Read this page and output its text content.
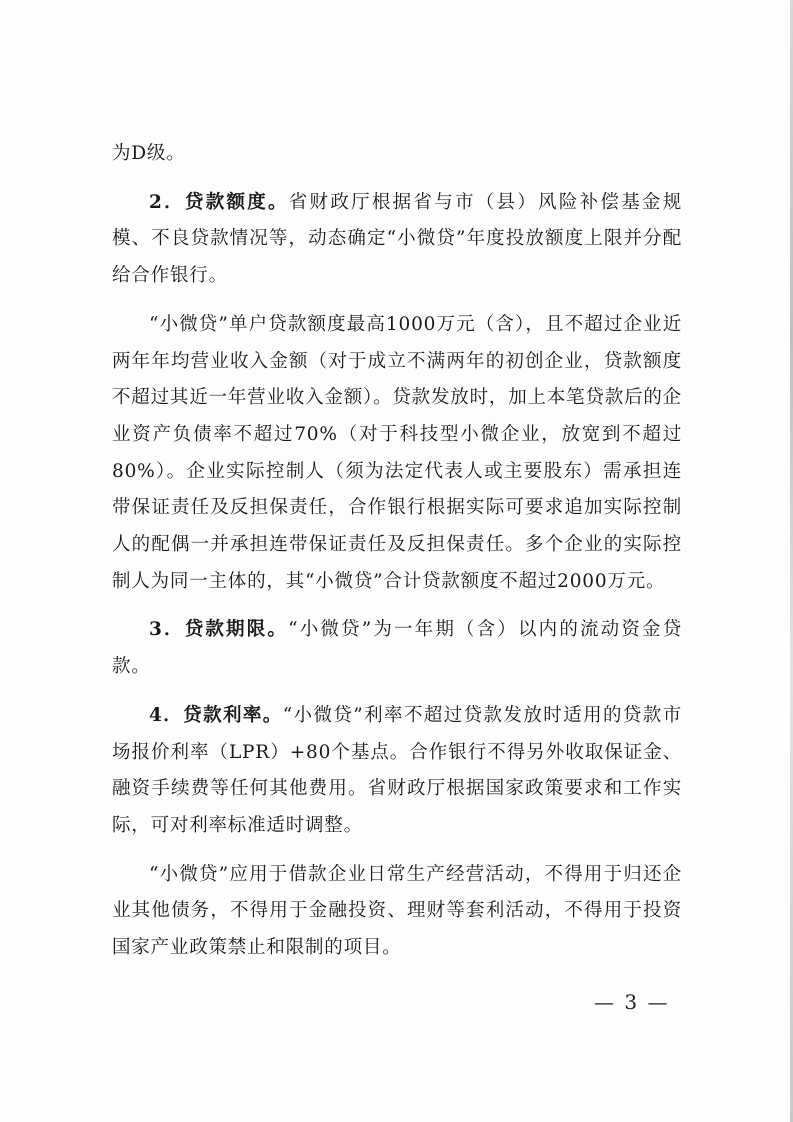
为D级。

2．贷款额度。省财政厅根据省与市（县）风险补偿基金规模、不良贷款情况等，动态确定“小微贷”年度投放额度上限并分配给合作银行。

“小微贷”单户贷款额度最高1000万元（含），且不超过企业近两年年均营业收入金额（对于成立不满两年的初创企业，贷款额度不超过其近一年营业收入金额）。贷款发放时，加上本笔贷款后的企业资产负债率不超过70%（对于科技型小微企业，放宽到不超过80%）。企业实际控制人（须为法定代表人或主要股东）需承担连带保证责任及反担保责任，合作银行根据实际可要求追加实际控制人的配偶一并承担连带保证责任及反担保责任。多个企业的实际控制人为同一主体的，其“小微贷”合计贷款额度不超过2000万元。

3．贷款期限。“小微贷”为一年期（含）以内的流动资金贷款。

4．贷款利率。“小微贷”利率不超过贷款发放时适用的贷款市场报价利率（LPR）+80个基点。合作银行不得另外收取保证金、融资手续费等任何其他费用。省财政厅根据国家政策要求和工作实际，可对利率标准适时调整。

“小微贷”应用于借款企业日常生产经营活动，不得用于归还企业其他债务，不得用于金融投资、理财等套利活动，不得用于投资国家产业政策禁止和限制的项目。

— 3 —
